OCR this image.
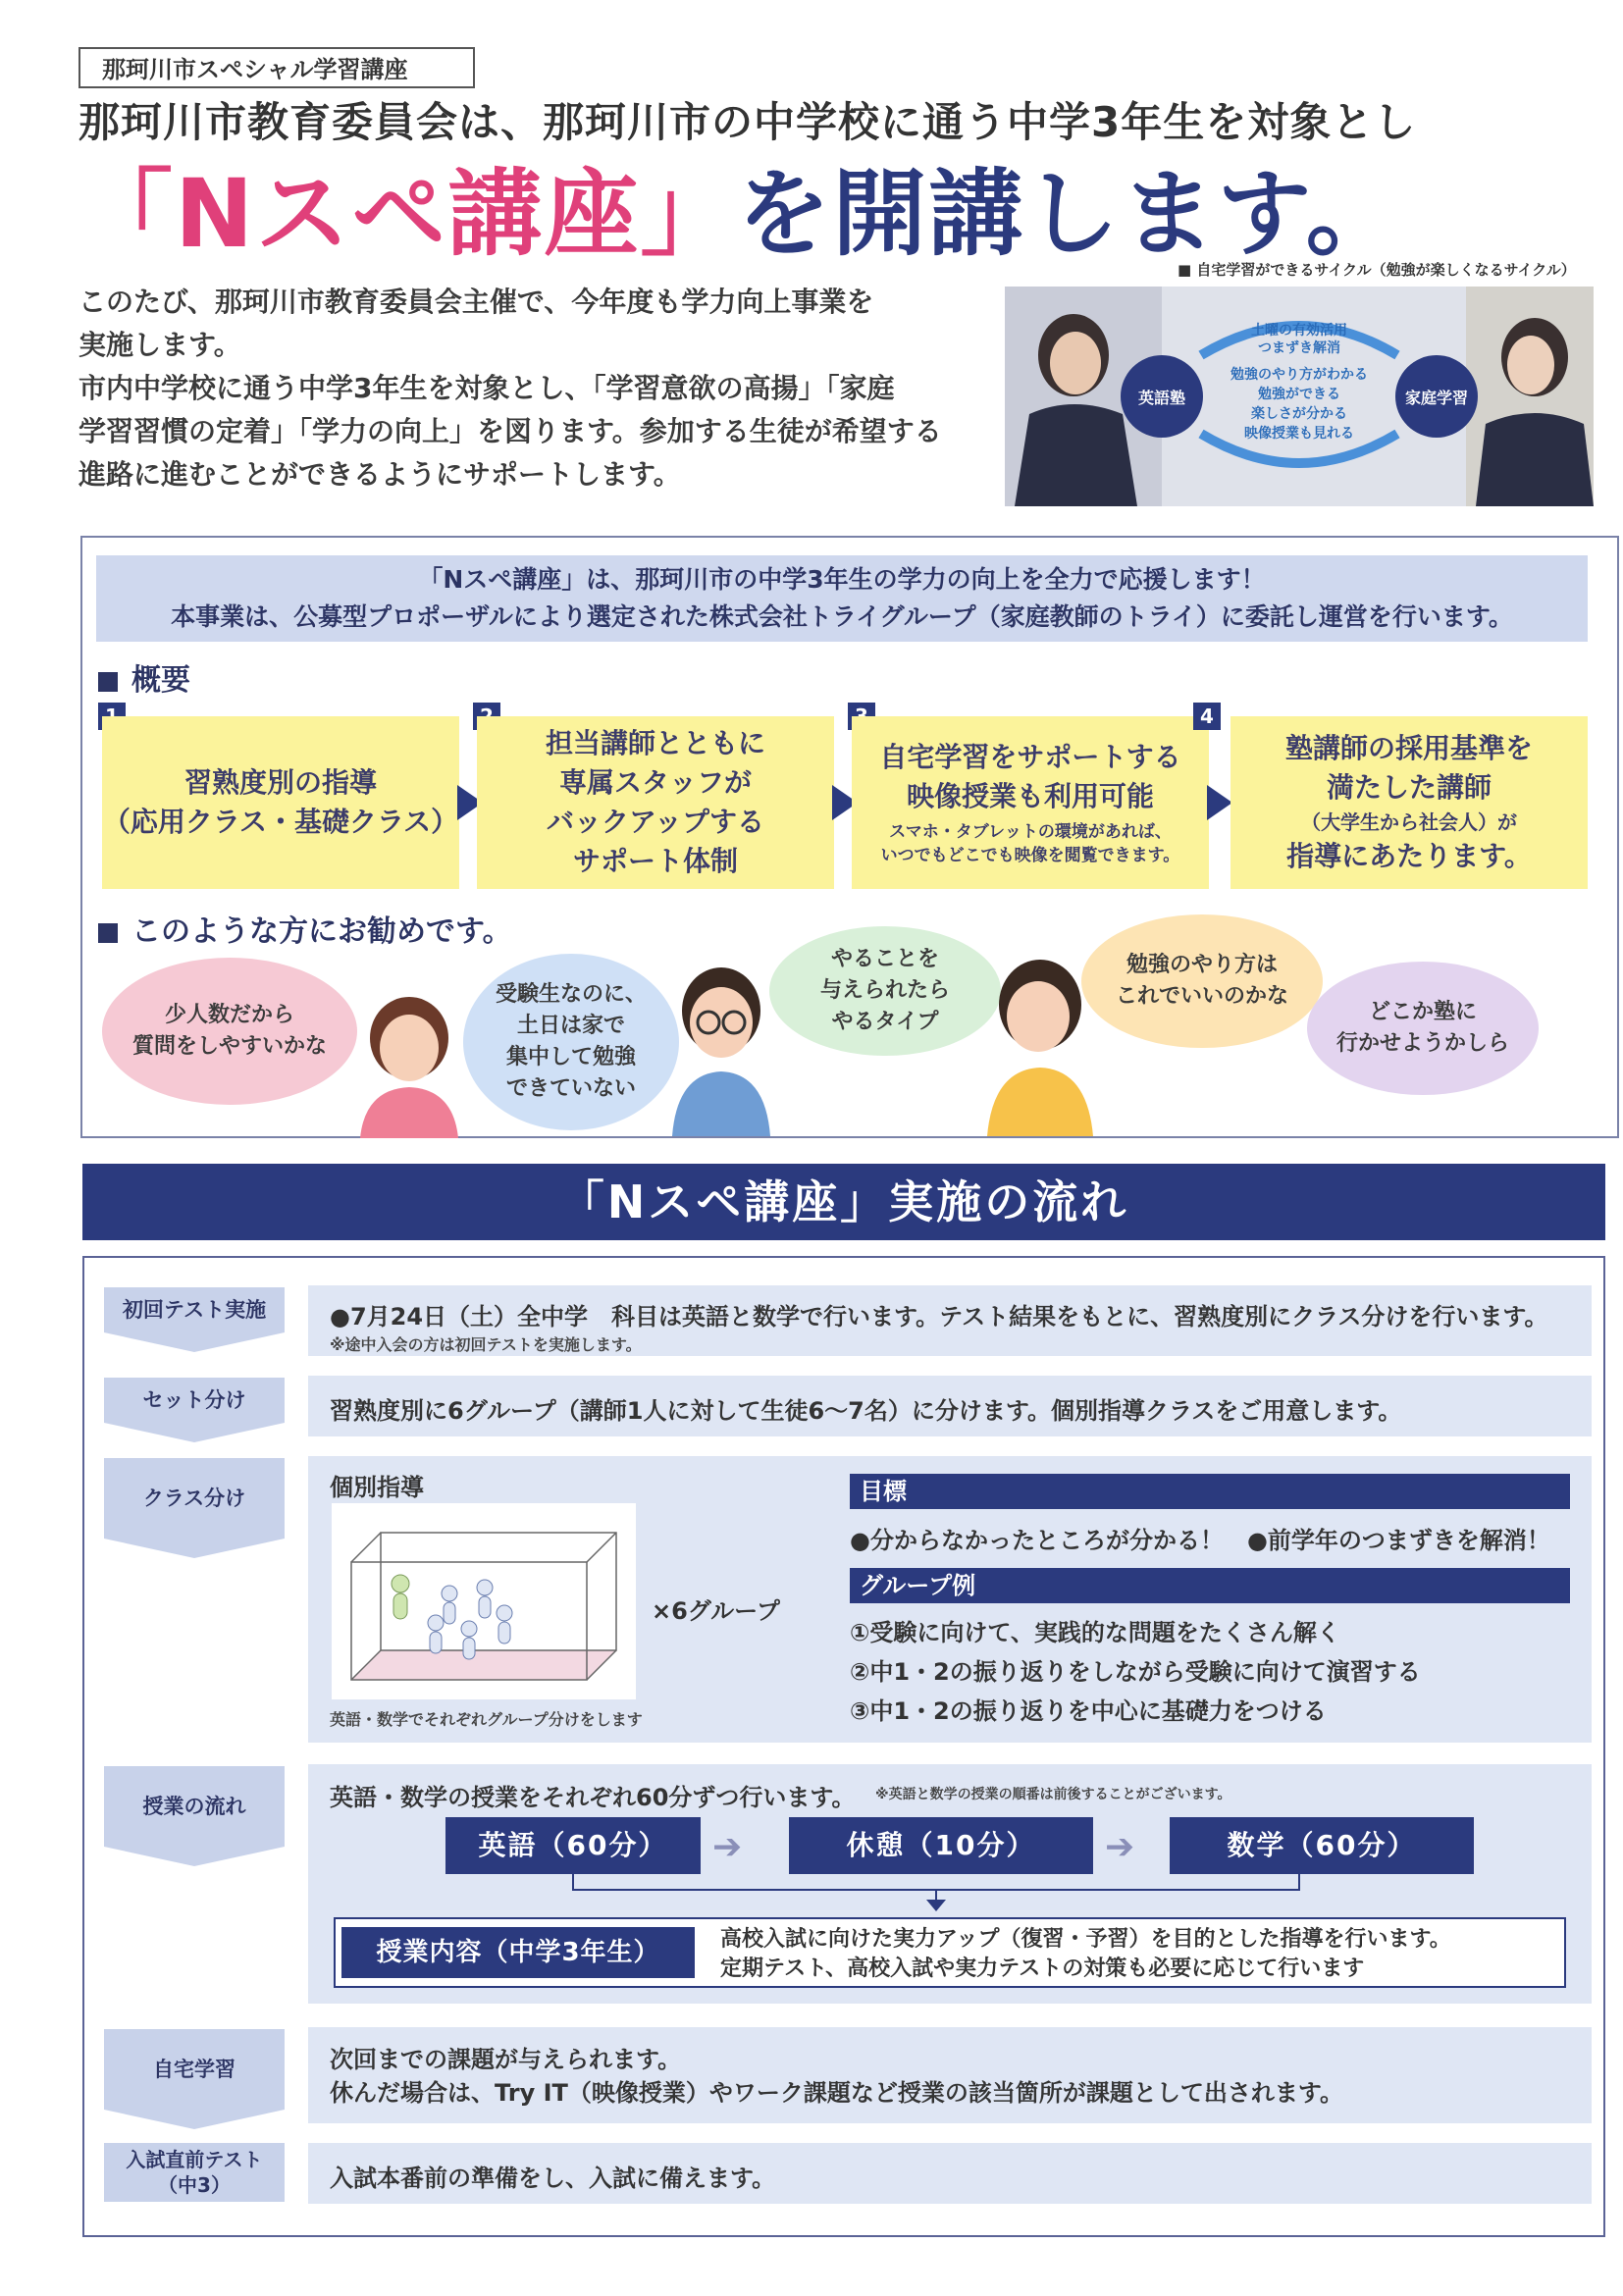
那珂川市スペシャル学習講座
那珂川市教育委員会は、那珂川市の中学校に通う中学3年生を対象とし
「Nスペ講座」を開講します。
このたび、那珂川市教育委員会主催で、今年度も学力向上事業を
実施します。
市内中学校に通う中学3年生を対象とし、「学習意欲の高揚」「家庭
学習習慣の定着」「学力の向上」を図ります。参加する生徒が希望する
進路に進むことができるようにサポートします。
■ 自宅学習ができるサイクル（勉強が楽しくなるサイクル）
土曜の有効活用
つまずき解消
英語塾	家庭学習
勉強のやり方がわかる
勉強ができる
楽しさが分かる
映像授業も見れる
「Nスペ講座」は、那珂川市の中学3年生の学力の向上を全力で応援します！
本事業は、公募型プロポーザルにより選定された株式会社トライグループ（家庭教師のトライ）に委託し運営を行います。
概要
習熟度別の指導
（応用クラス・基礎クラス）
担当講師とともに
専属スタッフが
バックアップする
サポート体制
自宅学習をサポートする
映像授業も利用可能
スマホ・タブレットの環境があれば、
いつでもどこでも映像を閲覧できます。
4
塾講師の採用基準を
満たした講師
（大学生から社会人）が
指導にあたります。
このような方にお勧めです。
少人数だから
質問をしやすいかな
受験生なのに、
土日は家で
集中して勉強
できていない
やることを
与えられたら
やるタイプ
勉強のやり方は
これでいいのかな
どこか塾に
行かせようかしら
「Nスペ講座」実施の流れ
初回テスト実施	●7月24日（土）全中学　科目は英語と数学で行います。テスト結果をもとに、習熟度別にクラス分けを行います。
※途中入会の方は初回テストを実施します。
セット分け	習熟度別に6グループ（講師1人に対して生徒6〜7名）に分けます。個別指導クラスをご用意します。
クラス分け	個別指導
×6グループ
英語・数学でそれぞれグループ分けをします
目標
●分からなかったところが分かる！　●前学年のつまずきを解消！
グループ例
①受験に向けて、実践的な問題をたくさん解く
②中1・2の振り返りをしながら受験に向けて演習する
③中1・2の振り返りを中心に基礎力をつける
授業の流れ	英語・数学の授業をそれぞれ60分ずつ行います。 ※英語と数学の授業の順番は前後することがございます。
英語（60分）	➔	休憩（10分）	➔	数学（60分）
授業内容（中学3年生）	高校入試に向けた実力アップ（復習・予習）を目的とした指導を行います。
定期テスト、高校入試や実力テストの対策も必要に応じて行います
自宅学習	次回までの課題が与えられます。
休んだ場合は、Try IT（映像授業）やワーク課題など授業の該当箇所が課題として出されます。
入試直前テスト
（中3）	入試本番前の準備をし、入試に備えます。
